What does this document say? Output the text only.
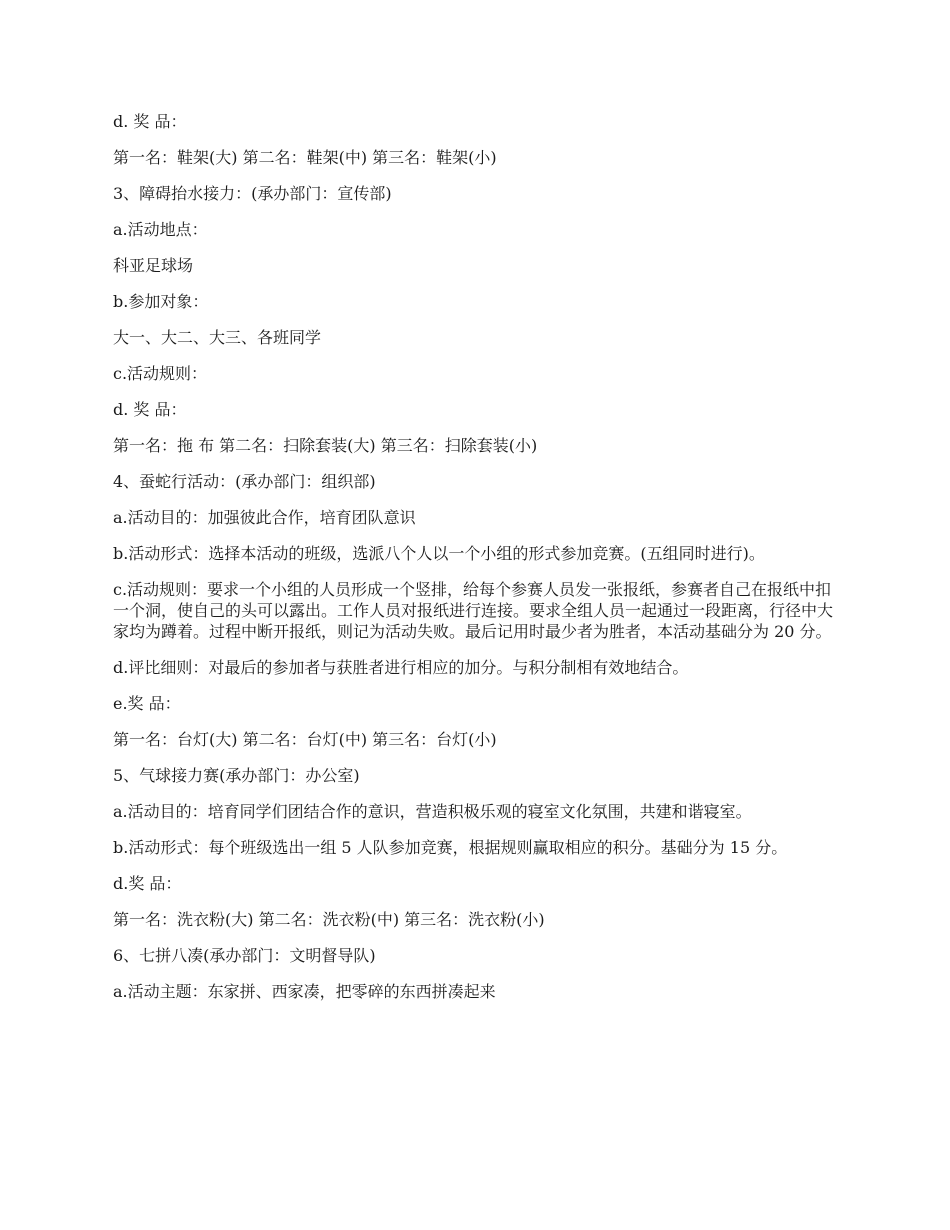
d. 奖 品：

第一名：鞋架(大) 第二名：鞋架(中) 第三名：鞋架(小)

3、障碍抬水接力：(承办部门：宣传部)

a.活动地点：

科亚足球场

b.参加对象：

大一、大二、大三、各班同学

c.活动规则：

d. 奖 品：

第一名：拖 布 第二名：扫除套装(大) 第三名：扫除套装(小)

4、蚕蛇行活动：(承办部门：组织部)

a.活动目的：加强彼此合作，培育团队意识

b.活动形式：选择本活动的班级，选派八个人以一个小组的形式参加竞赛。(五组同时进行)。

c.活动规则：要求一个小组的人员形成一个竖排，给每个参赛人员发一张报纸，参赛者自己在报纸中扣一个洞，使自己的头可以露出。工作人员对报纸进行连接。要求全组人员一起通过一段距离，行径中大家均为蹲着。过程中断开报纸，则记为活动失败。最后记用时最少者为胜者，本活动基础分为 20 分。

d.评比细则：对最后的参加者与获胜者进行相应的加分。与积分制相有效地结合。

e.奖 品：

第一名：台灯(大) 第二名：台灯(中) 第三名：台灯(小)

5、气球接力赛(承办部门：办公室)

a.活动目的：培育同学们团结合作的意识，营造积极乐观的寝室文化氛围，共建和谐寝室。

b.活动形式：每个班级选出一组 5 人队参加竞赛，根据规则赢取相应的积分。基础分为 15 分。

d.奖 品：

第一名：洗衣粉(大) 第二名：洗衣粉(中) 第三名：洗衣粉(小)

6、七拼八凑(承办部门：文明督导队)

a.活动主题：东家拼、西家凑，把零碎的东西拼凑起来
